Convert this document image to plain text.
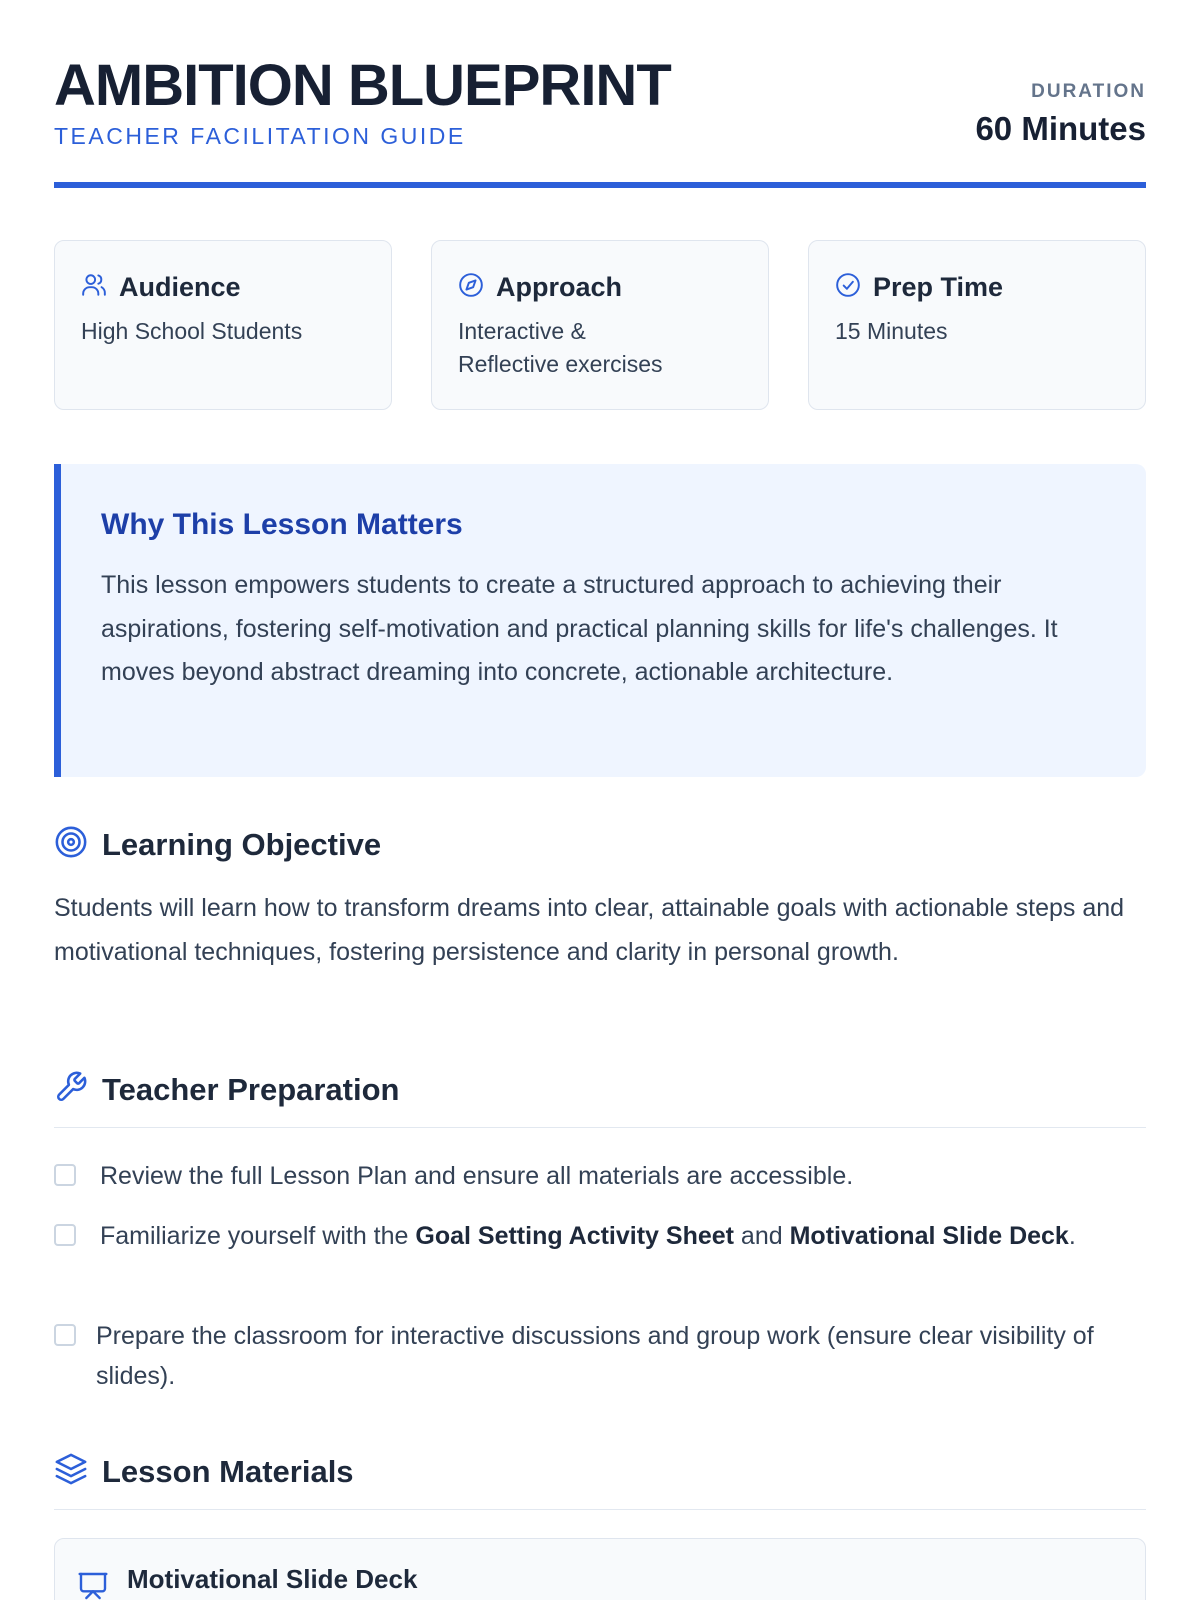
AMBITION BLUEPRINT
TEACHER FACILITATION GUIDE
DURATION
60 Minutes
Audience
High School Students
Approach
Interactive & Reflective exercises
Prep Time
15 Minutes
Why This Lesson Matters
This lesson empowers students to create a structured approach to achieving their aspirations, fostering self-motivation and practical planning skills for life's challenges. It moves beyond abstract dreaming into concrete, actionable architecture.
Learning Objective
Students will learn how to transform dreams into clear, attainable goals with actionable steps and motivational techniques, fostering persistence and clarity in personal growth.
Teacher Preparation
Review the full Lesson Plan and ensure all materials are accessible.
Familiarize yourself with the Goal Setting Activity Sheet and Motivational Slide Deck.
Prepare the classroom for interactive discussions and group work (ensure clear visibility of slides).
Lesson Materials
Motivational Slide Deck
